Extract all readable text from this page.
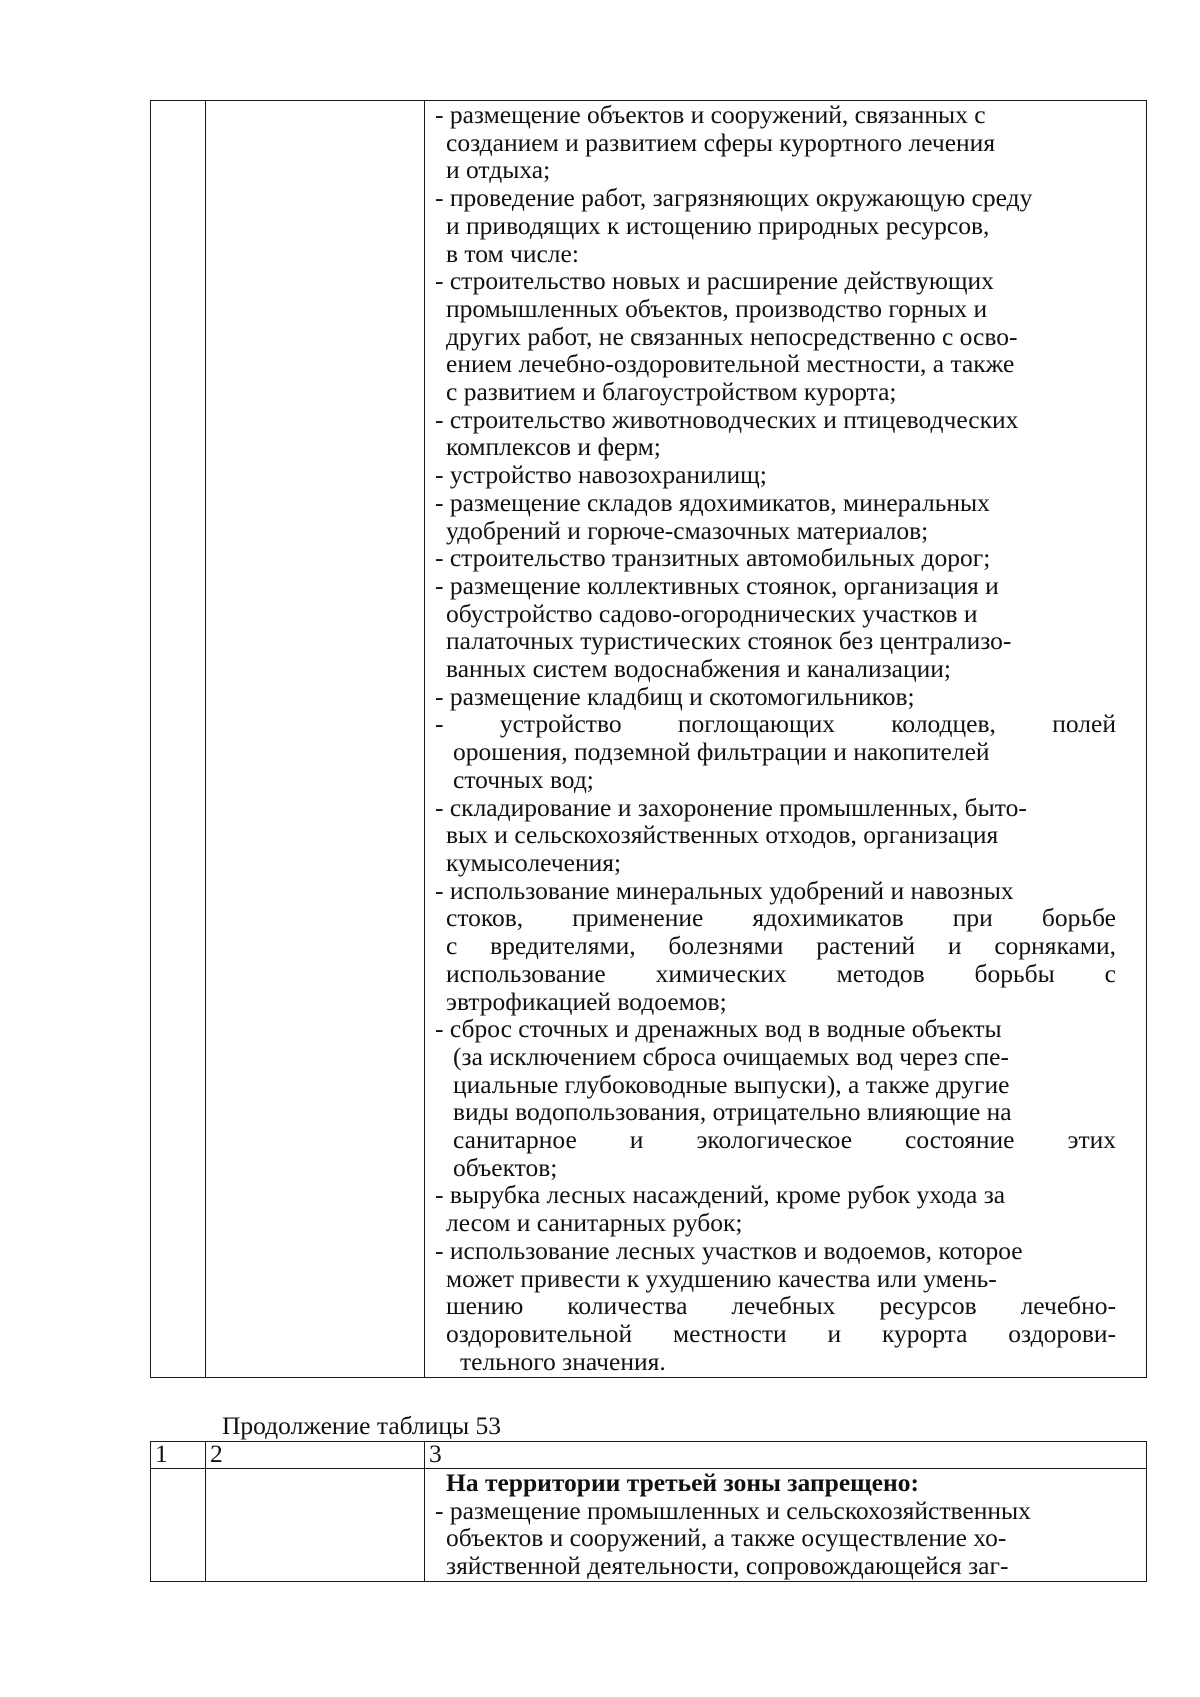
- размещение объектов и сооружений, связанных с
созданием и развитием сферы курортного лечения
и отдыха;
- проведение работ, загрязняющих окружающую среду
и приводящих к истощению природных ресурсов,
в том числе:
- строительство новых и расширение действующих
промышленных объектов, производство горных и
других работ, не связанных непосредственно с осво-
ением лечебно-оздоровительной местности, а также
с развитием и благоустройством курорта;
- строительство животноводческих и птицеводческих
комплексов и ферм;
- устройство навозохранилищ;
- размещение складов ядохимикатов, минеральных
удобрений и горюче-смазочных материалов;
- строительство транзитных автомобильных дорог;
- размещение коллективных стоянок, организация и
обустройство садово-огороднических участков и
палаточных туристических стоянок без централизо-
ванных систем водоснабжения и канализации;
- размещение кладбищ и скотомогильников;
- устройство поглощающих колодцев, полей
орошения, подземной фильтрации и накопителей
сточных вод;
- складирование и захоронение промышленных, быто-
вых и сельскохозяйственных отходов, организация
кумысолечения;
- использование минеральных удобрений и навозных
стоков, применение ядохимикатов при борьбе
с вредителями, болезнями растений и сорняками,
использование химических методов борьбы с
эвтрофикацией водоемов;
- сброс сточных и дренажных вод в водные объекты
(за исключением сброса очищаемых вод через спе-
циальные глубоководные выпуски), а также другие
виды водопользования, отрицательно влияющие на
санитарное и экологическое состояние этих
объектов;
- вырубка лесных насаждений, кроме рубок ухода за
лесом и санитарных рубок;
- использование лесных участков и водоемов, которое
может привести к ухудшению качества или умень-
шению количества лечебных ресурсов лечебно-
оздоровительной местности и курорта оздорови-
тельного значения.
Продолжение таблицы 53
1	2	3

		На территории третьей зоны запрещено:
- размещение промышленных и сельскохозяйственных
объектов и сооружений, а также осуществление хо-
зяйственной деятельности, сопровождающейся заг-
